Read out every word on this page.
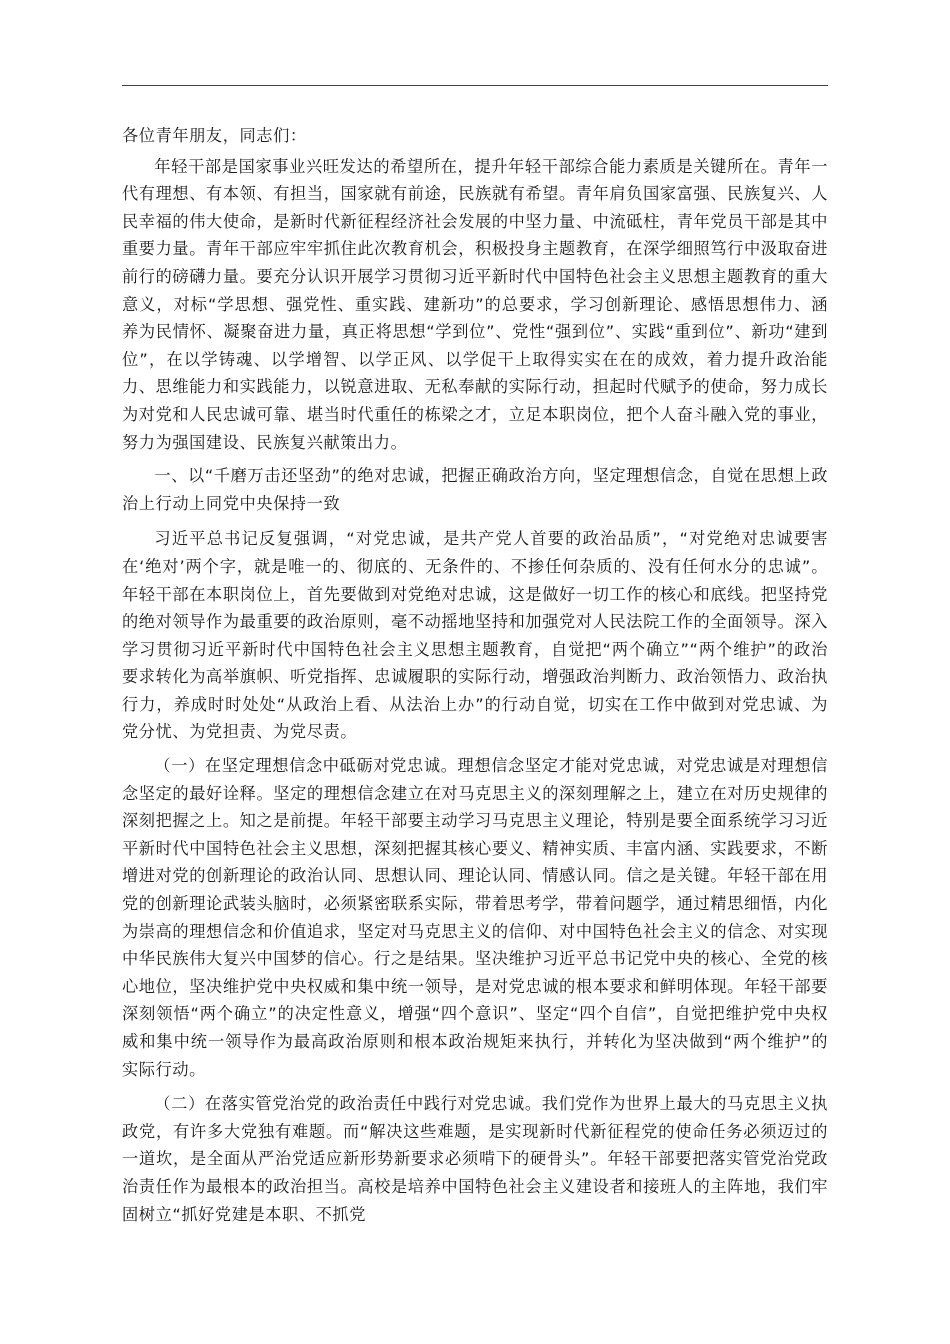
各位青年朋友，同志们：

年轻干部是国家事业兴旺发达的希望所在，提升年轻干部综合能力素质是关键所在。青年一代有理想、有本领、有担当，国家就有前途，民族就有希望。青年肩负国家富强、民族复兴、人民幸福的伟大使命，是新时代新征程经济社会发展的中坚力量、中流砥柱，青年党员干部是其中重要力量。青年干部应牢牢抓住此次教育机会，积极投身主题教育，在深学细照笃行中汲取奋进前行的磅礴力量。要充分认识开展学习贯彻习近平新时代中国特色社会主义思想主题教育的重大意义，对标“学思想、强党性、重实践、建新功”的总要求，学习创新理论、感悟思想伟力、涵养为民情怀、凝聚奋进力量，真正将思想“学到位”、党性“强到位”、实践“重到位”、新功“建到位”，在以学铸魂、以学增智、以学正风、以学促干上取得实实在在的成效，着力提升政治能力、思维能力和实践能力，以锐意进取、无私奉献的实际行动，担起时代赋予的使命，努力成长为对党和人民忠诚可靠、堪当时代重任的栋梁之才，立足本职岗位，把个人奋斗融入党的事业，努力为强国建设、民族复兴献策出力。

一、以“千磨万击还坚劲”的绝对忠诚，把握正确政治方向，坚定理想信念，自觉在思想上政治上行动上同党中央保持一致

习近平总书记反复强调，“对党忠诚，是共产党人首要的政治品质”，“对党绝对忠诚要害在‘绝对’两个字，就是唯一的、彻底的、无条件的、不掺任何杂质的、没有任何水分的忠诚”。年轻干部在本职岗位上，首先要做到对党绝对忠诚，这是做好一切工作的核心和底线。把坚持党的绝对领导作为最重要的政治原则，毫不动摇地坚持和加强党对人民法院工作的全面领导。深入学习贯彻习近平新时代中国特色社会主义思想主题教育，自觉把“两个确立”“两个维护”的政治要求转化为高举旗帜、听党指挥、忠诚履职的实际行动，增强政治判断力、政治领悟力、政治执行力，养成时时处处“从政治上看、从法治上办”的行动自觉，切实在工作中做到对党忠诚、为党分忧、为党担责、为党尽责。

（一）在坚定理想信念中砥砺对党忠诚。理想信念坚定才能对党忠诚，对党忠诚是对理想信念坚定的最好诠释。坚定的理想信念建立在对马克思主义的深刻理解之上，建立在对历史规律的深刻把握之上。知之是前提。年轻干部要主动学习马克思主义理论，特别是要全面系统学习习近平新时代中国特色社会主义思想，深刻把握其核心要义、精神实质、丰富内涵、实践要求，不断增进对党的创新理论的政治认同、思想认同、理论认同、情感认同。信之是关键。年轻干部在用党的创新理论武装头脑时，必须紧密联系实际，带着思考学，带着问题学，通过精思细悟，内化为崇高的理想信念和价值追求，坚定对马克思主义的信仰、对中国特色社会主义的信念、对实现中华民族伟大复兴中国梦的信心。行之是结果。坚决维护习近平总书记党中央的核心、全党的核心地位，坚决维护党中央权威和集中统一领导，是对党忠诚的根本要求和鲜明体现。年轻干部要深刻领悟“两个确立”的决定性意义，增强“四个意识”、坚定“四个自信”，自觉把维护党中央权威和集中统一领导作为最高政治原则和根本政治规矩来执行，并转化为坚决做到“两个维护”的实际行动。

（二）在落实管党治党的政治责任中践行对党忠诚。我们党作为世界上最大的马克思主义执政党，有许多大党独有难题。而“解决这些难题，是实现新时代新征程党的使命任务必须迈过的一道坎，是全面从严治党适应新形势新要求必须啃下的硬骨头”。年轻干部要把落实管党治党政治责任作为最根本的政治担当。高校是培养中国特色社会主义建设者和接班人的主阵地，我们牢固树立“抓好党建是本职、不抓党
